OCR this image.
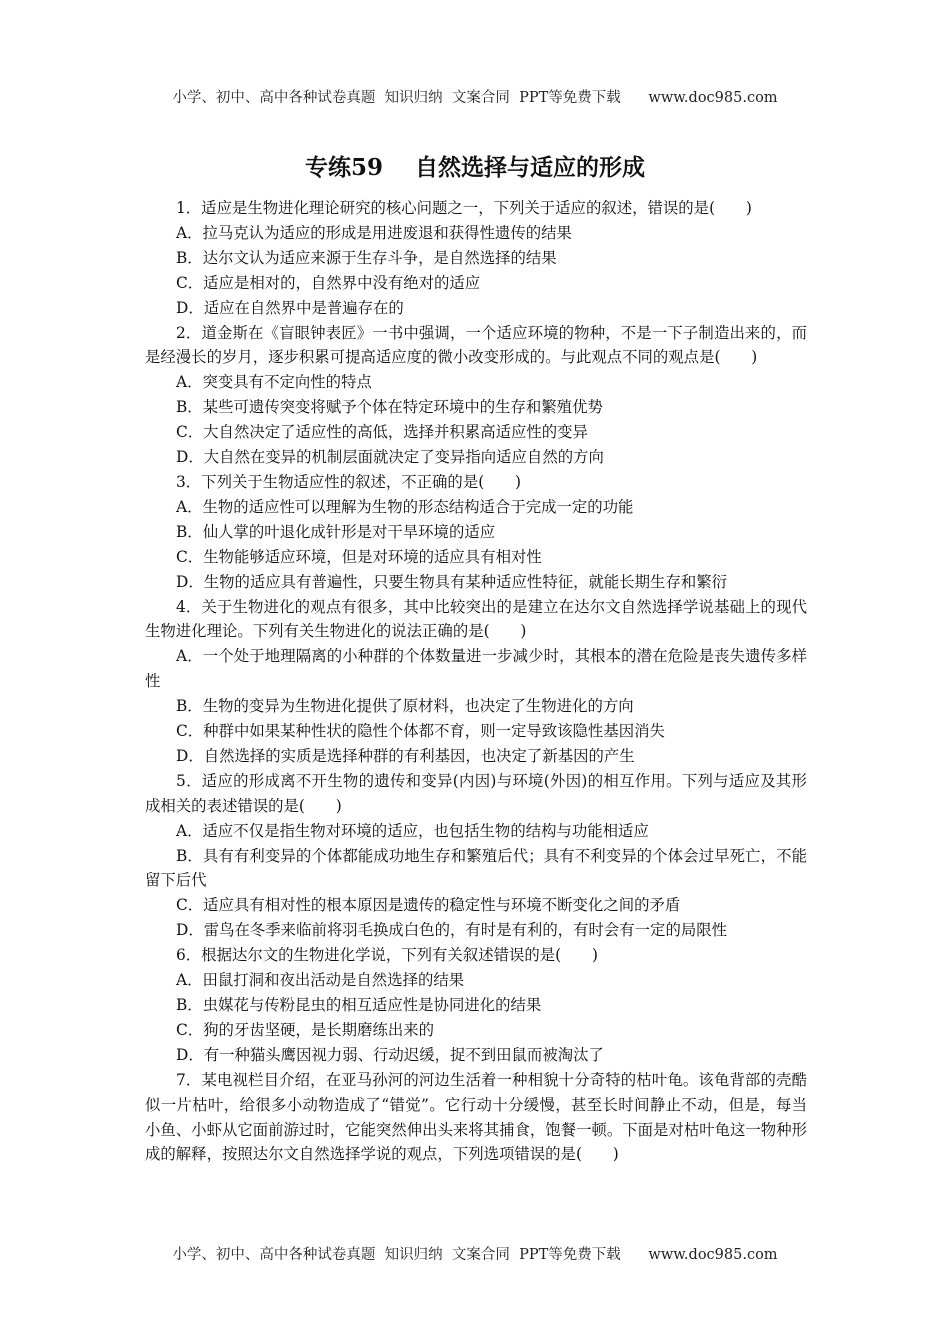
小学、初中、高中各种试卷真题  知识归纳  文案合同  PPT等免费下载      www.doc985.com
专练59    自然选择与适应的形成

1．适应是生物进化理论研究的核心问题之一，下列关于适应的叙述，错误的是(　　)

A．拉马克认为适应的形成是用进废退和获得性遗传的结果

B．达尔文认为适应来源于生存斗争，是自然选择的结果

C．适应是相对的，自然界中没有绝对的适应

D．适应在自然界中是普遍存在的

2．道金斯在《盲眼钟表匠》一书中强调，一个适应环境的物种，不是一下子制造出来的，而是经漫长的岁月，逐步积累可提高适应度的微小改变形成的。与此观点不同的观点是(　　)

A．突变具有不定向性的特点

B．某些可遗传突变将赋予个体在特定环境中的生存和繁殖优势

C．大自然决定了适应性的高低，选择并积累高适应性的变异

D．大自然在变异的机制层面就决定了变异指向适应自然的方向

3．下列关于生物适应性的叙述，不正确的是(　　)

A．生物的适应性可以理解为生物的形态结构适合于完成一定的功能

B．仙人掌的叶退化成针形是对干旱环境的适应

C．生物能够适应环境，但是对环境的适应具有相对性

D．生物的适应具有普遍性，只要生物具有某种适应性特征，就能长期生存和繁衍

4．关于生物进化的观点有很多，其中比较突出的是建立在达尔文自然选择学说基础上的现代生物进化理论。下列有关生物进化的说法正确的是(　　)

A．一个处于地理隔离的小种群的个体数量进一步减少时，其根本的潜在危险是丧失遗传多样性

B．生物的变异为生物进化提供了原材料，也决定了生物进化的方向

C．种群中如果某种性状的隐性个体都不育，则一定导致该隐性基因消失

D．自然选择的实质是选择种群的有利基因，也决定了新基因的产生

5．适应的形成离不开生物的遗传和变异(内因)与环境(外因)的相互作用。下列与适应及其形成相关的表述错误的是(　　)

A．适应不仅是指生物对环境的适应，也包括生物的结构与功能相适应

B．具有有利变异的个体都能成功地生存和繁殖后代；具有不利变异的个体会过早死亡，不能留下后代

C．适应具有相对性的根本原因是遗传的稳定性与环境不断变化之间的矛盾

D．雷鸟在冬季来临前将羽毛换成白色的，有时是有利的，有时会有一定的局限性

6．根据达尔文的生物进化学说，下列有关叙述错误的是(　　)

A．田鼠打洞和夜出活动是自然选择的结果

B．虫媒花与传粉昆虫的相互适应性是协同进化的结果

C．狗的牙齿坚硬，是长期磨练出来的

D．有一种猫头鹰因视力弱、行动迟缓，捉不到田鼠而被淘汰了

7．某电视栏目介绍，在亚马孙河的河边生活着一种相貌十分奇特的枯叶龟。该龟背部的壳酷似一片枯叶，给很多小动物造成了“错觉”。它行动十分缓慢，甚至长时间静止不动，但是，每当小鱼、小虾从它面前游过时，它能突然伸出头来将其捕食，饱餐一顿。下面是对枯叶龟这一物种形成的解释，按照达尔文自然选择学说的观点，下列选项错误的是(　　)

小学、初中、高中各种试卷真题  知识归纳  文案合同  PPT等免费下载      www.doc985.com
